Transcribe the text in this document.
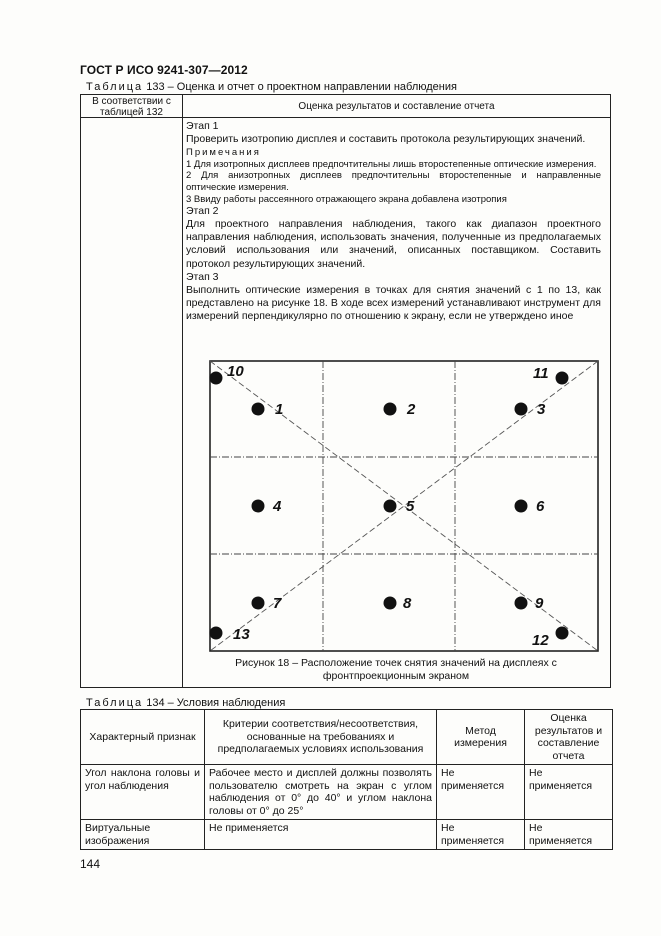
ГОСТ Р ИСО 9241-307—2012
Таблица 133 – Оценка и отчет о проектном направлении наблюдения
В соответствии с таблицей 132
Оценка результатов и составление отчета

Этап 1

Проверить изотропию дисплея и составить протокола результирующих значений.

Примечания

1 Для изотропных дисплеев предпочтительны лишь второстепенные оптические измерения.

2 Для анизотропных дисплеев предпочтительны второстепенные и направленные оптические измерения.

3 Ввиду работы рассеянного отражающего экрана добавлена изотропия

Этап 2

Для проектного направления наблюдения, такого как диапазон проектного направления наблюдения, использовать значения, полученные из предполагаемых условий использования или значений, описанных поставщиком. Составить протокол результирующих значений.

Этап 3

Выполнить оптические измерения в точках для снятия значений с 1 по 13, как представлено на рисунке 18. В ходе всех измерений устанавливают инструмент для измерений перпендикулярно по отношению к экрану, если не утверждено иное

1	2	3
4	5	6
7	8	9
10	11
12
13
Рисунок 18 – Расположение точек снятия значений на дисплеях с фронтпроекционным экраном
Таблица 134 – Условия наблюдения
Характерный признак	Критерии соответствия/несоответствия, основанные на требованиях и предполагаемых условиях использования	Метод измерения	Оценка результатов и составление отчета
Угол наклона головы и угол наблюдения	Рабочее место и дисплей должны позволять пользователю смотреть на экран с углом наблюдения от 0° до 40° и углом наклона головы от 0° до 25°	Не применяется	Не применяется
Виртуальные изображения	Не применяется	Не применяется	Не применяется
144
